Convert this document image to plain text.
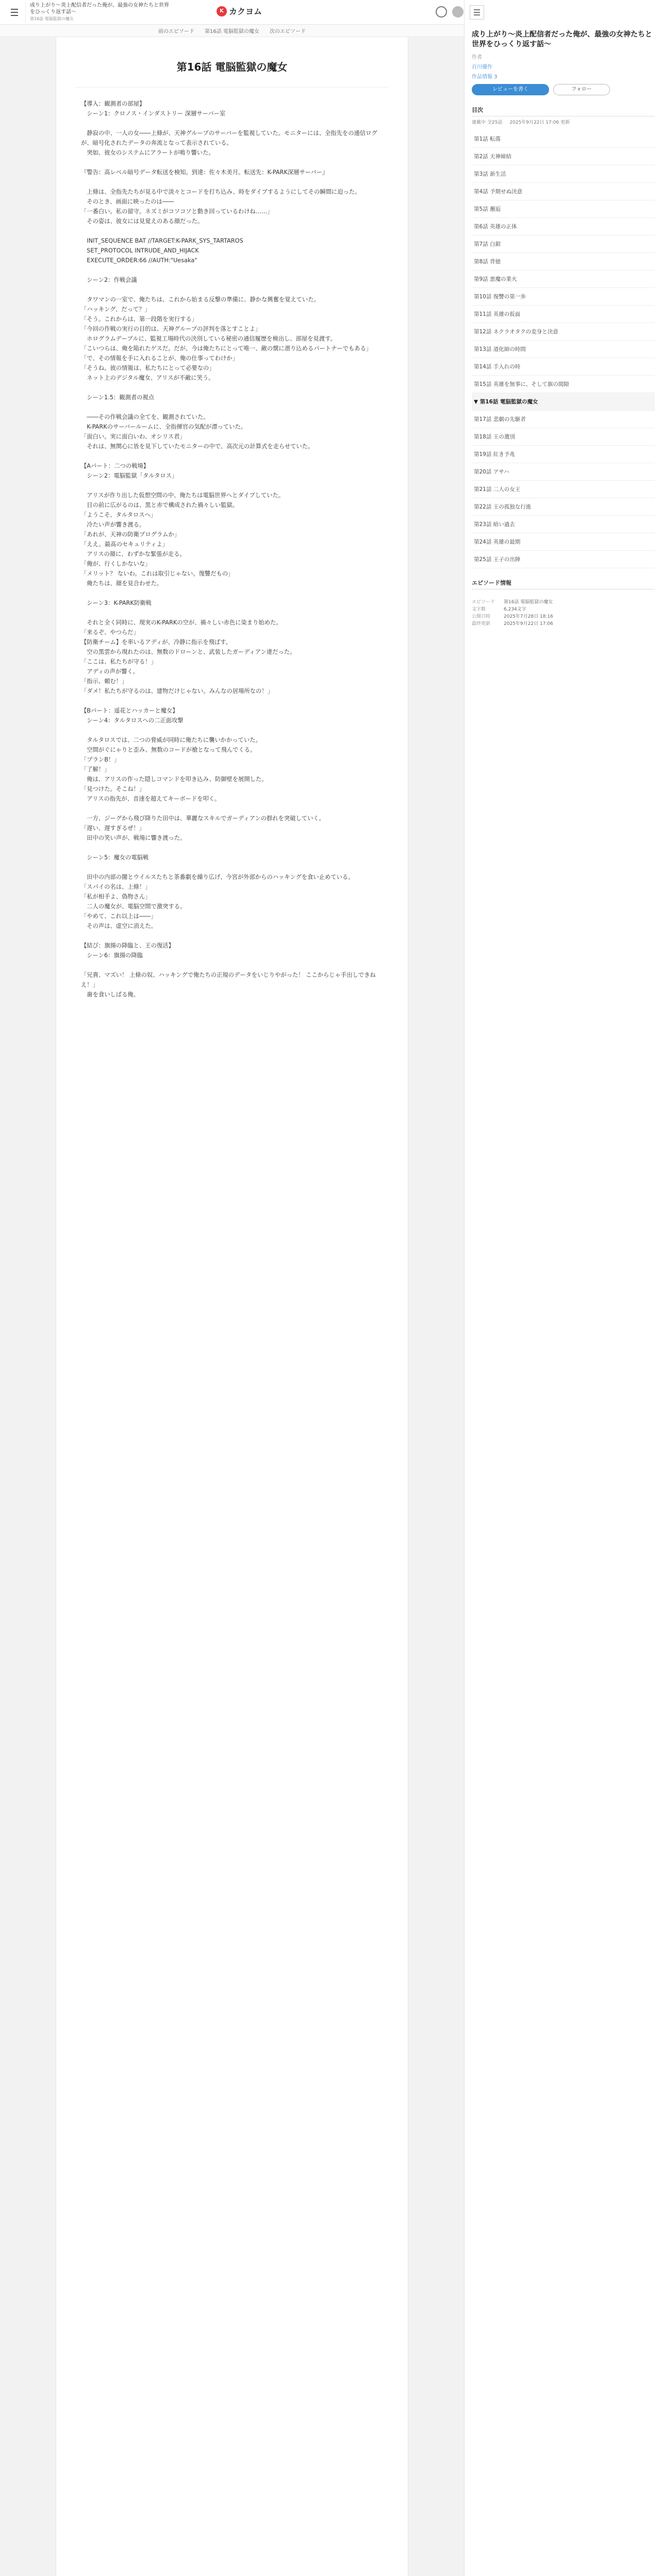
成り上がり〜炎上配信者だった俺が、最強の女神たちと世界をひっくり返す話〜
第16話 電脳監獄の魔女
K カクヨム
前のエピソード 第16話 電脳監獄の魔女 次のエピソード
第16話 電脳監獄の魔女
【導入：観測者の部屋】
　シーン1：クロノス・インダストリー 深層サーバー室

　静寂の中、一人の女――上條が、天神グループのサーバーを監視していた。モニターには、全指先をの通信ログが、暗号化されたデータの奔流となって表示されている。
　突如、彼女のシステムにアラートが鳴り響いた。

『警告：高レベル暗号データ転送を検知。到達：佐々木美月。転送先：K-PARK深層サーバー』

　上條は、全指先たちが見る中で淡々とコードを打ち込み、時をダイブするようにしてその瞬間に迫った。
　そのとき、画面に映ったのは――
「一番白い。私の留守。ネズミがコソコソと動き回っているわけね……」
　その姿は、彼女には見覚えのある顔だった。

　INIT_SEQUENCE BAT //TARGET:K-PARK_SYS_TARTAROS
　SET_PROTOCOL INTRUDE_AND_HIJACK
　EXECUTE_ORDER:66 //AUTH:"Uesaka"

　シーン2：作戦会議

　タワマンの一室で、俺たちは、これから始まる反撃の準備に、静かな興奮を覚えていた。
「ハッキング、だって？」
「そう。これからは、第一段階を実行する」
「今回の作戦の実行の目的は、天神グループの評判を落とすことよ」
　ホログラムデーブルに、監視工場時代の決別している秘密の通信履歴を検出し、部屋を見渡す。
「こいつらは、俺を陥れたゲスだ。だが、今は俺たちにとって唯一、敵の懐に潜り込めるパートナーでもある」
「で、その情報を手に入れることが、俺の仕事ってわけか」
「そうね。彼の情報は、私たちにとって必要なの」
　ネット上のデジタル魔女、アリスが不敵に笑う。

　シーン1.5：観測者の視点

　――その作戦会議の全てを、観測されていた。
　K-PARKのサーバールームに、全指揮官の気配が漂っていた。
「面白い。実に面白いわ、オシリス君」
　それは、無関心に皆を見下していたモニターの中で、高次元の計算式を走らせていた。

【Aパート：二つの戦場】
　シーン2：電脳監獄「タルタロス」

　アリスが作り出した仮想空間の中、俺たちは電脳世界へとダイブしていた。
　目の前に広がるのは、黒と赤で構成された禍々しい監獄。
「ようこそ、タルタロスへ」
　冷たい声が響き渡る。
「あれが、天神の防衛プログラムか」
「ええ。最高のセキュリティよ」
　アリスの顔に、わずかな緊張が走る。
「俺が、行くしかないな」
「メリット？ ないわ。これは取引じゃない。復讐だもの」
　俺たちは、顔を見合わせた。

　シーン3：K-PARK防衛戦

　それと全く同時に、現実のK-PARKの空が、禍々しい赤色に染まり始めた。
「来るぞ、やつらだ」
【防衛チーム】を率いるアディが、冷静に指示を飛ばす。
　空の黒雲から現れたのは、無数のドローンと、武装したガーディアン達だった。
「ここは、私たちが守る！」
　アディの声が響く。
「指示、頼む！」
「ダメ！私たちが守るのは、建物だけじゃない。みんなの居場所なの！」

【Bパート：遥花とハッカーと魔女】
　シーン4：タルタロスへの二正面攻撃

　タルタロスでは、二つの脅威が同時に俺たちに襲いかかっていた。
　空間がぐにゃりと歪み、無数のコードが槍となって飛んでくる。
「プランB！」
「了解！」
　俺は、アリスの作った隠しコマンドを叩き込み、防御壁を展開した。
「見つけた。そこね！」
　アリスの指先が、音速を超えてキーボードを叩く。

　一方、ジーグから飛び降りた田中は、華麗なスキルでガーディアンの群れを突破していく。
「遅い、遅すぎるぜ！」
　田中の笑い声が、戦場に響き渡った。

　シーン5：魔女の電脳戦

　田中の内部の闇とウイルスたちと茶番劇を繰り広げ、今宮が外部からのハッキングを食い止めている。
「スパイの名は、上條！」
「私が相手よ、偽物さん」
　二人の魔女が、電脳空間で激突する。
「やめて、これ以上は――」
　その声は、虚空に消えた。

【結び：旗揚の降臨と、王の復活】
　シーン6：旗揚の降臨

「兄貴、マズい！ 上條の奴、ハッキングで俺たちの正規のデータをいじりやがった！ ここからじゃ手出しできねえ！」
　歯を食いしばる俺。
成り上がり〜炎上配信者だった俺が、最強の女神たちと世界をひっくり返す話〜
作者
百川優作
作品情報 3
レビューを書く	フォロー
目次
連載中 全25話 2025年9月22日 17:06 更新
第1話 転落
第2話 天神締結
第3話 新生活
第4話 予期せぬ決意
第5話 邂逅
第6話 英雄の正体
第7話 白銀
第8話 背徳
第9話 悪魔の業火
第10話 復讐の第一歩
第11話 英雄の仮面
第12話 ネクラオタクの変身と決意
第13話 道化師の時間
第14話 手入れの時
第15話 英雄を無事に、そして旗の間隙
▼ 第16話 電脳監獄の魔女
第17話 悲劇の先駆者
第18話 王の選別
第19話 紅き予兆
第20話 アサハ
第21話 二人の女王
第22話 王の孤独な行進
第23話 暗い過去
第24話 英雄の最期
第25話 王子の出陣
エピソード情報
エピソード	第16話 電脳監獄の魔女
文字数	6,234文字
公開日時	2025年7月28日 18:16
最終更新	2025年9月22日 17:06
